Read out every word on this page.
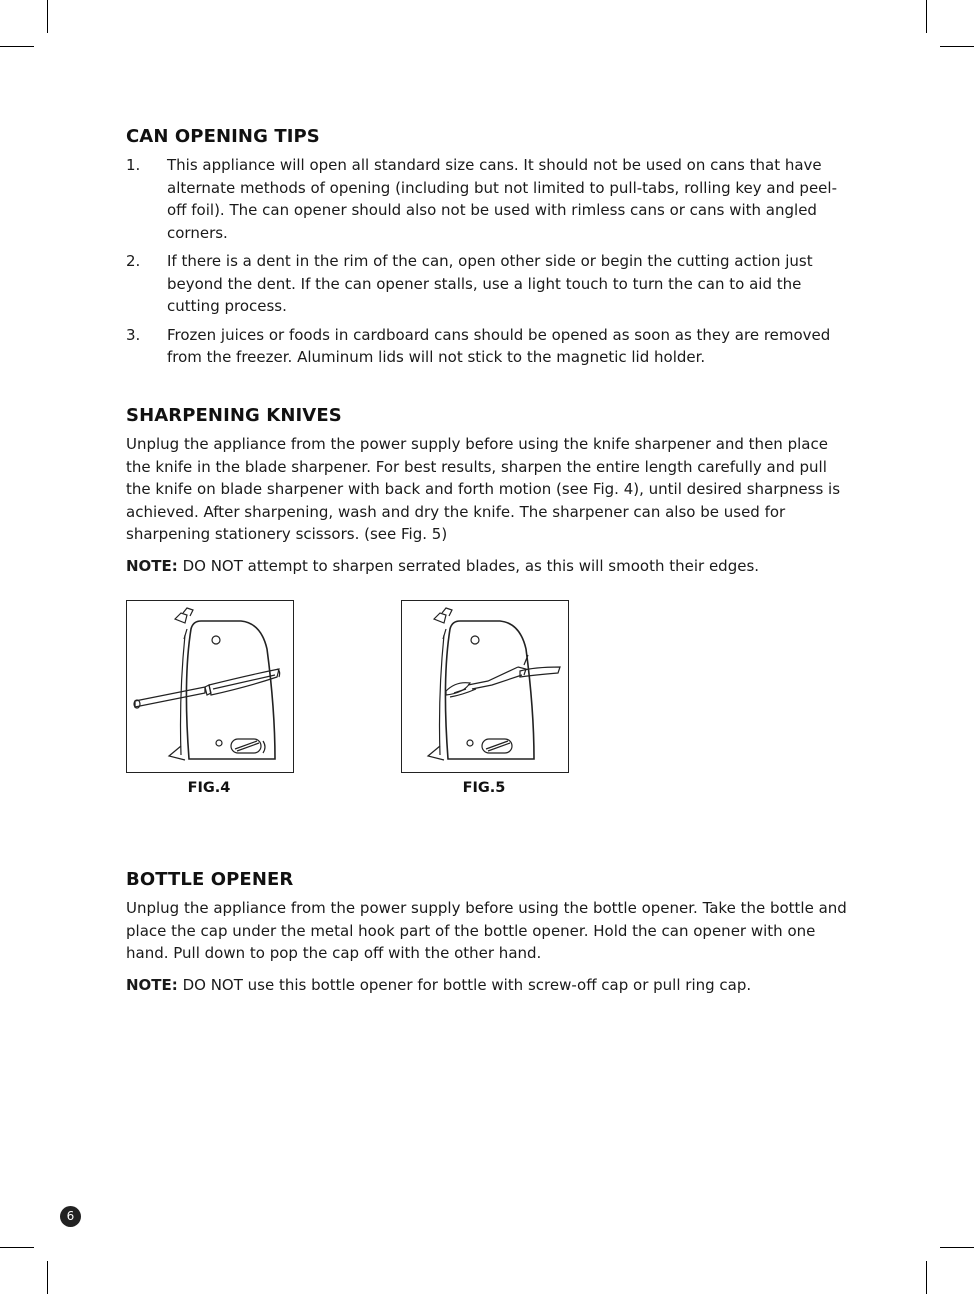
CAN OPENING TIPS
1. This appliance will open all standard size cans. It should not be used on cans that have alternate methods of opening (including but not limited to pull-tabs, rolling key and peel-off foil). The can opener should also not be used with rimless cans or cans with angled corners.
2. If there is a dent in the rim of the can, open other side or begin the cutting action just beyond the dent. If the can opener stalls, use a light touch to turn the can to aid the cutting process.
3. Frozen juices or foods in cardboard cans should be opened as soon as they are removed from the freezer. Aluminum lids will not stick to the magnetic lid holder.
SHARPENING KNIVES

Unplug the appliance from the power supply before using the knife sharpener and then place the knife in the blade sharpener. For best results, sharpen the entire length carefully and pull the knife on blade sharpener with back and forth motion (see Fig. 4), until desired sharpness is achieved. After sharpening, wash and dry the knife. The sharpener can also be used for sharpening stationery scissors. (see Fig. 5)

NOTE: DO NOT attempt to sharpen serrated blades, as this will smooth their edges.

FIG.4	FIG.5
BOTTLE OPENER

Unplug the appliance from the power supply before using the bottle opener. Take the bottle and place the cap under the metal hook part of the bottle opener. Hold the can opener with one hand. Pull down to pop the cap off with the other hand.

NOTE: DO NOT use this bottle opener for bottle with screw-off cap or pull ring cap.

6
